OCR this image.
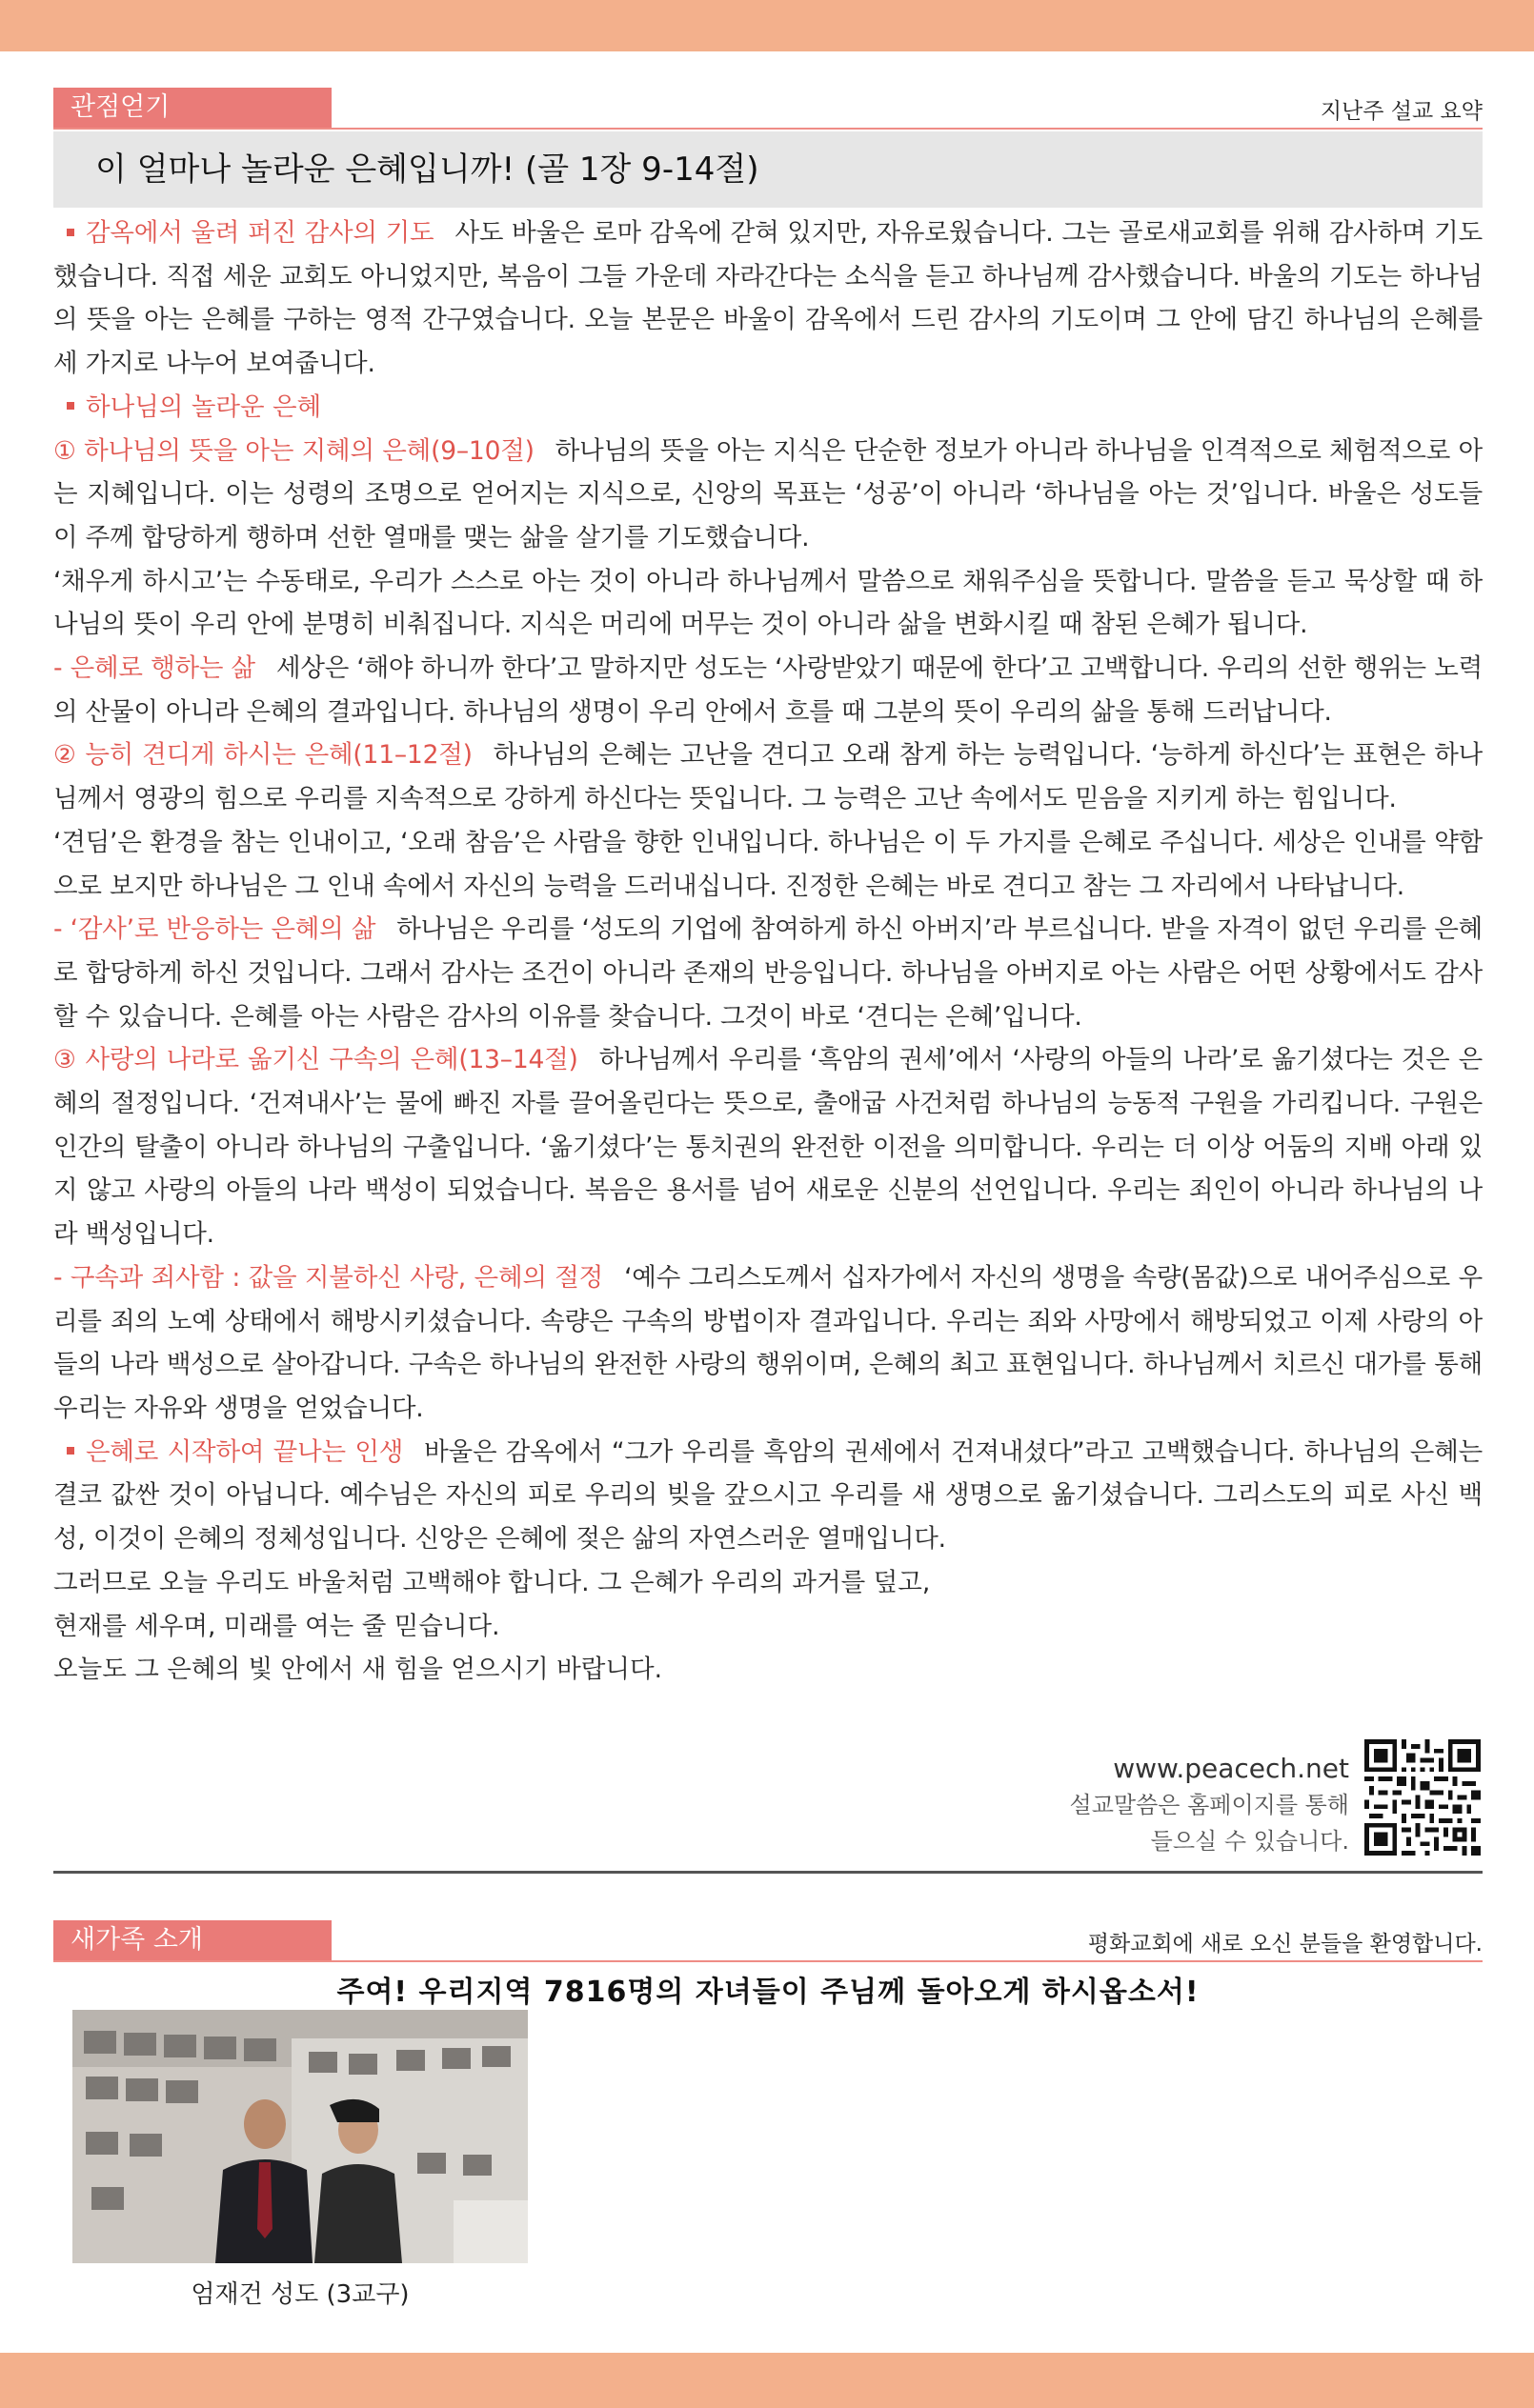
관점얻기	지난주 설교 요약
이 얼마나 놀라운 은혜입니까! (골 1장 9-14절)

감옥에서 울려 퍼진 감사의 기도 사도 바울은 로마 감옥에 갇혀 있지만, 자유로웠습니다. 그는 골로새교회를 위해 감사하며 기도했습니다. 직접 세운 교회도 아니었지만, 복음이 그들 가운데 자라간다는 소식을 듣고 하나님께 감사했습니다. 바울의 기도는 하나님의 뜻을 아는 은혜를 구하는 영적 간구였습니다. 오늘 본문은 바울이 감옥에서 드린 감사의 기도이며 그 안에 담긴 하나님의 은혜를 세 가지로 나누어 보여줍니다.

하나님의 놀라운 은혜

① 하나님의 뜻을 아는 지혜의 은혜(9–10절) 하나님의 뜻을 아는 지식은 단순한 정보가 아니라 하나님을 인격적으로 체험적으로 아는 지혜입니다. 이는 성령의 조명으로 얻어지는 지식으로, 신앙의 목표는 ‘성공’이 아니라 ‘하나님을 아는 것’입니다. 바울은 성도들이 주께 합당하게 행하며 선한 열매를 맺는 삶을 살기를 기도했습니다.

‘채우게 하시고’는 수동태로, 우리가 스스로 아는 것이 아니라 하나님께서 말씀으로 채워주심을 뜻합니다. 말씀을 듣고 묵상할 때 하나님의 뜻이 우리 안에 분명히 비춰집니다. 지식은 머리에 머무는 것이 아니라 삶을 변화시킬 때 참된 은혜가 됩니다.

- 은혜로 행하는 삶 세상은 ‘해야 하니까 한다’고 말하지만 성도는 ‘사랑받았기 때문에 한다’고 고백합니다. 우리의 선한 행위는 노력의 산물이 아니라 은혜의 결과입니다. 하나님의 생명이 우리 안에서 흐를 때 그분의 뜻이 우리의 삶을 통해 드러납니다.

② 능히 견디게 하시는 은혜(11–12절) 하나님의 은혜는 고난을 견디고 오래 참게 하는 능력입니다. ‘능하게 하신다’는 표현은 하나님께서 영광의 힘으로 우리를 지속적으로 강하게 하신다는 뜻입니다. 그 능력은 고난 속에서도 믿음을 지키게 하는 힘입니다.

‘견딤’은 환경을 참는 인내이고, ‘오래 참음’은 사람을 향한 인내입니다. 하나님은 이 두 가지를 은혜로 주십니다. 세상은 인내를 약함으로 보지만 하나님은 그 인내 속에서 자신의 능력을 드러내십니다. 진정한 은혜는 바로 견디고 참는 그 자리에서 나타납니다.

- ‘감사’로 반응하는 은혜의 삶 하나님은 우리를 ‘성도의 기업에 참여하게 하신 아버지’라 부르십니다. 받을 자격이 없던 우리를 은혜로 합당하게 하신 것입니다. 그래서 감사는 조건이 아니라 존재의 반응입니다. 하나님을 아버지로 아는 사람은 어떤 상황에서도 감사할 수 있습니다. 은혜를 아는 사람은 감사의 이유를 찾습니다. 그것이 바로 ‘견디는 은혜’입니다.

③ 사랑의 나라로 옮기신 구속의 은혜(13–14절) 하나님께서 우리를 ‘흑암의 권세’에서 ‘사랑의 아들의 나라’로 옮기셨다는 것은 은혜의 절정입니다. ‘건져내사’는 물에 빠진 자를 끌어올린다는 뜻으로, 출애굽 사건처럼 하나님의 능동적 구원을 가리킵니다. 구원은 인간의 탈출이 아니라 하나님의 구출입니다. ‘옮기셨다’는 통치권의 완전한 이전을 의미합니다. 우리는 더 이상 어둠의 지배 아래 있지 않고 사랑의 아들의 나라 백성이 되었습니다. 복음은 용서를 넘어 새로운 신분의 선언입니다. 우리는 죄인이 아니라 하나님의 나라 백성입니다.

- 구속과 죄사함 : 값을 지불하신 사랑, 은혜의 절정 ‘예수 그리스도께서 십자가에서 자신의 생명을 속량(몸값)으로 내어주심으로 우리를 죄의 노예 상태에서 해방시키셨습니다. 속량은 구속의 방법이자 결과입니다. 우리는 죄와 사망에서 해방되었고 이제 사랑의 아들의 나라 백성으로 살아갑니다. 구속은 하나님의 완전한 사랑의 행위이며, 은혜의 최고 표현입니다. 하나님께서 치르신 대가를 통해 우리는 자유와 생명을 얻었습니다.

은혜로 시작하여 끝나는 인생 바울은 감옥에서 “그가 우리를 흑암의 권세에서 건져내셨다”라고 고백했습니다. 하나님의 은혜는 결코 값싼 것이 아닙니다. 예수님은 자신의 피로 우리의 빚을 갚으시고 우리를 새 생명으로 옮기셨습니다. 그리스도의 피로 사신 백성, 이것이 은혜의 정체성입니다. 신앙은 은혜에 젖은 삶의 자연스러운 열매입니다.

그러므로 오늘 우리도 바울처럼 고백해야 합니다. 그 은혜가 우리의 과거를 덮고,

현재를 세우며, 미래를 여는 줄 믿습니다.

오늘도 그 은혜의 빛 안에서 새 힘을 얻으시기 바랍니다.

www.peacech.net
설교말씀은 홈페이지를 통해
들으실 수 있습니다.
새가족 소개	평화교회에 새로 오신 분들을 환영합니다.
주여! 우리지역 7816명의 자녀들이 주님께 돌아오게 하시옵소서!
엄재건 성도 (3교구)
